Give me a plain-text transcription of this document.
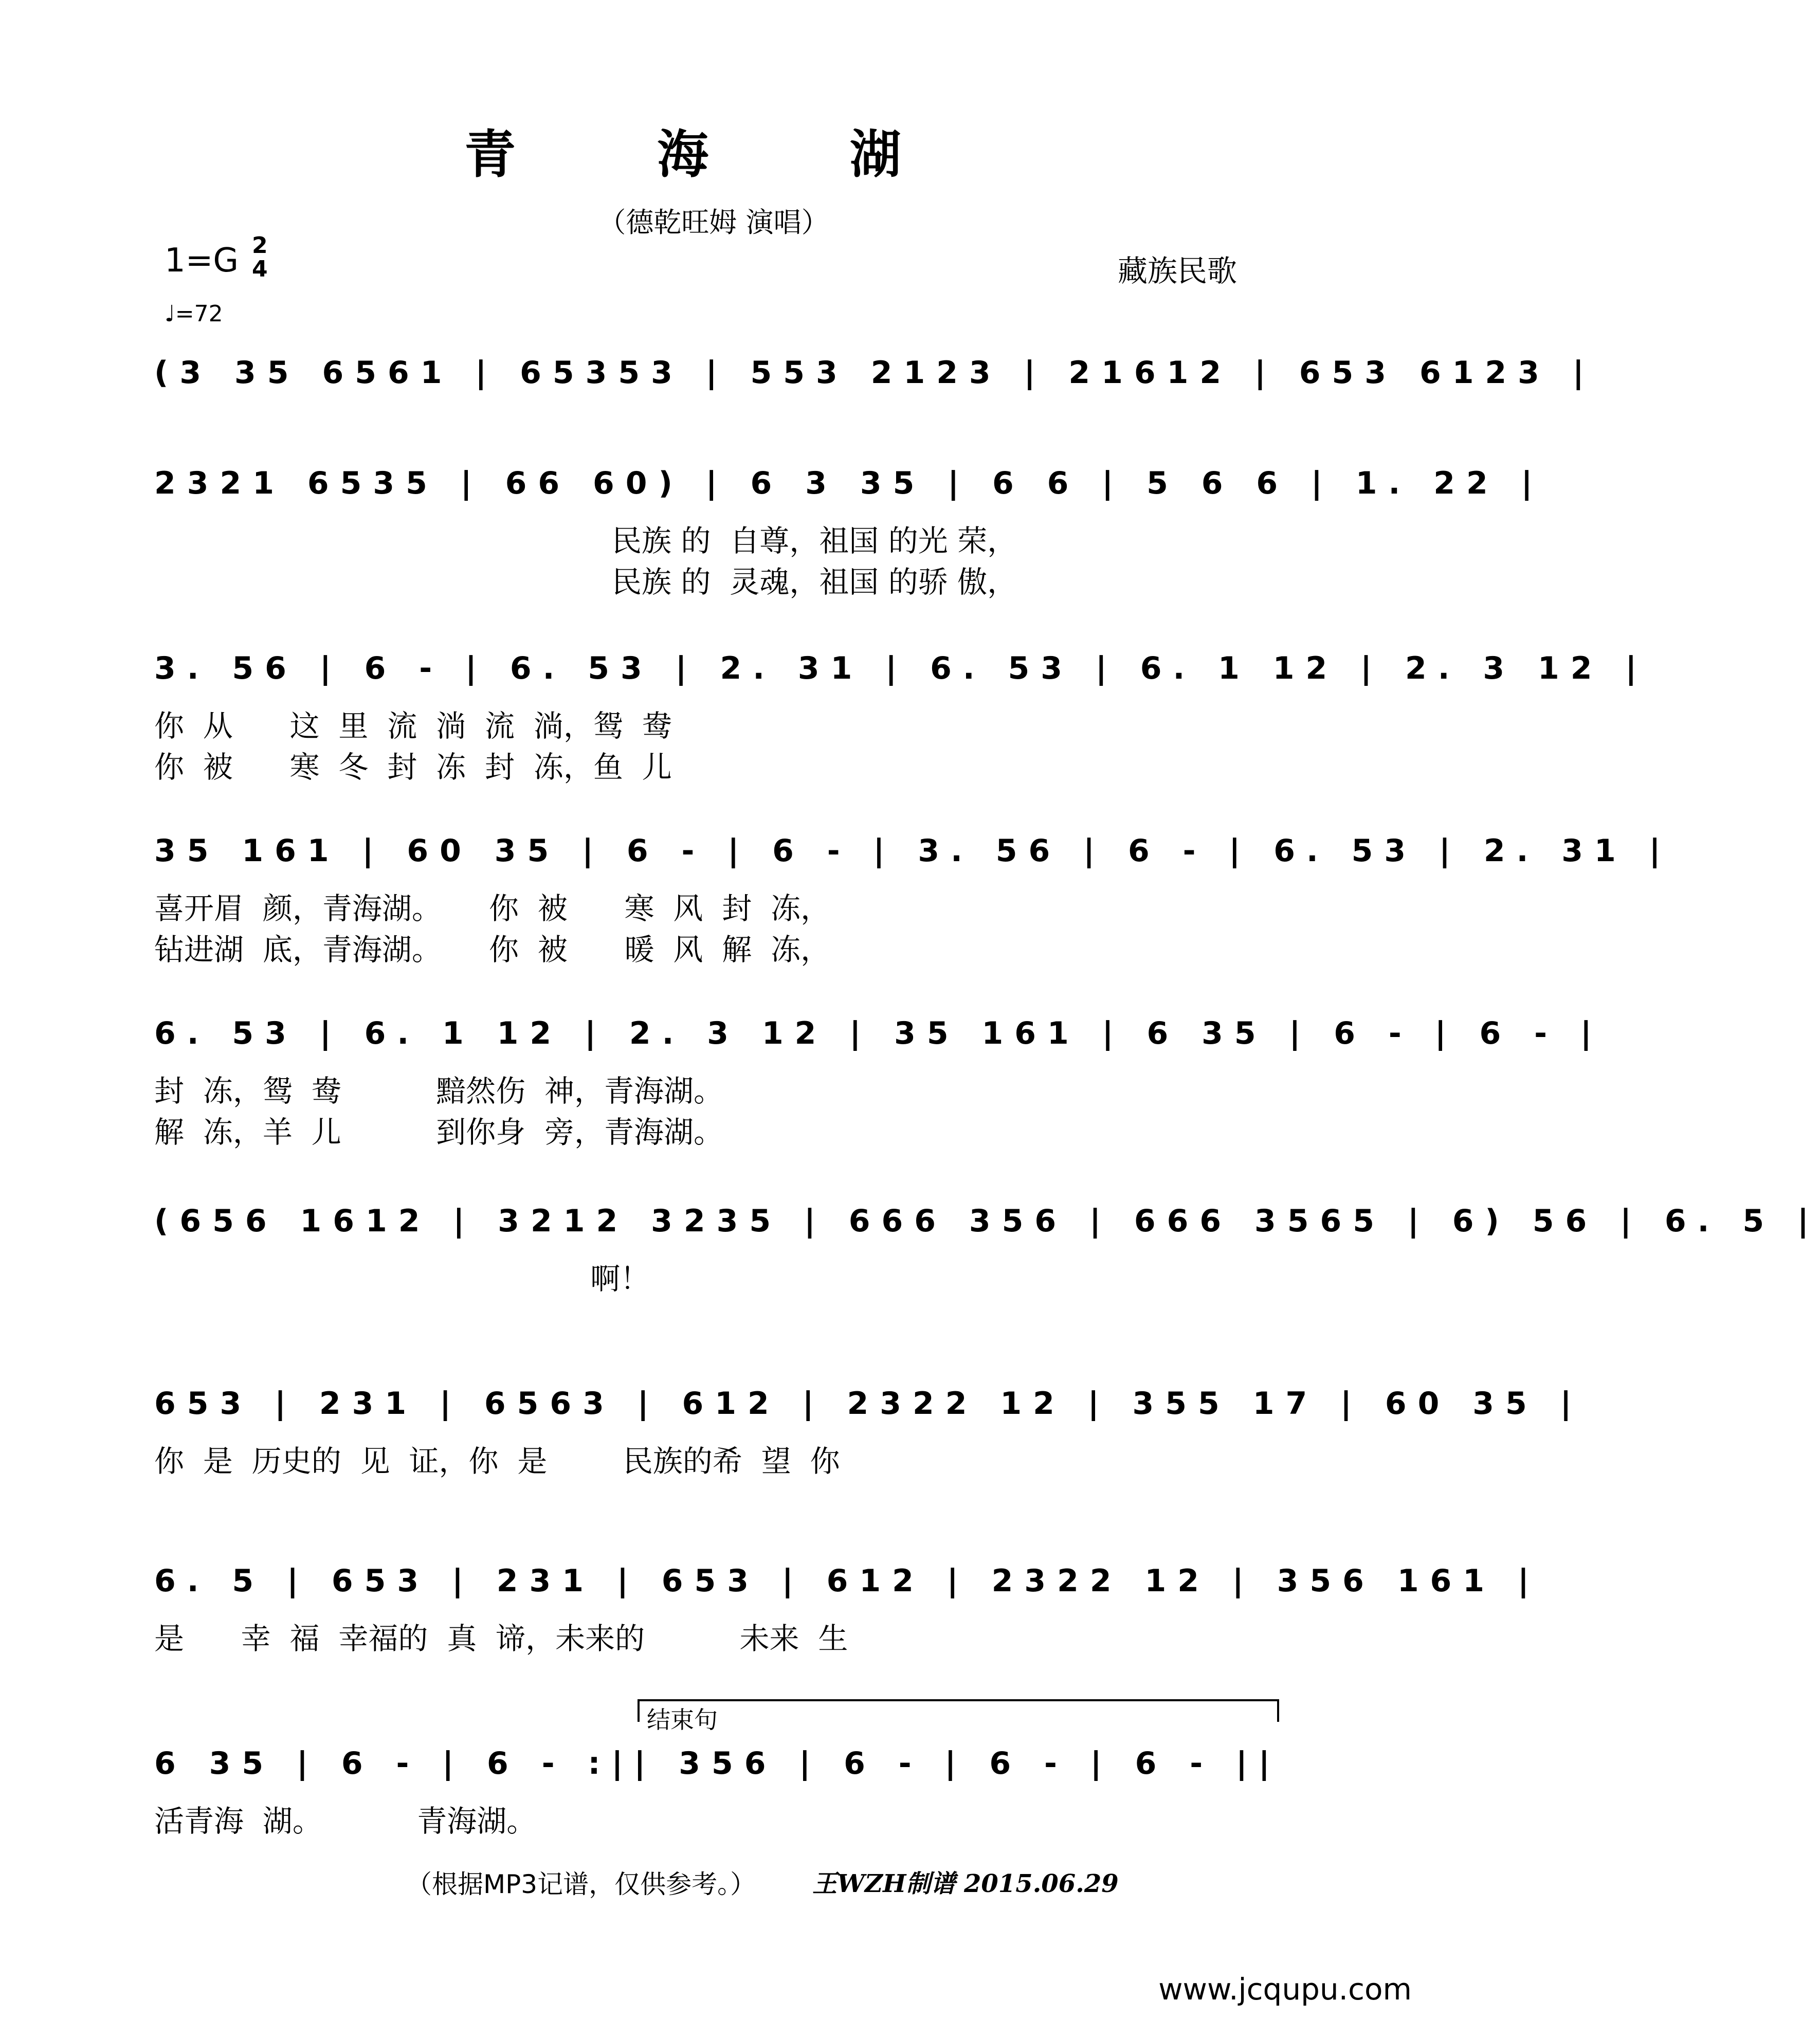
青 海 湖
（德乾旺姆 演唱）
1=G 2
4	藏族民歌
♩=72
(3 35 6561 | 65353 | 553 2123 | 21612 | 653 6123 |
2321 6535 | 66 60) | 6 3 35 | 6 6 | 5 6 6 | 1. 22 |
民族 的  自尊，祖国 的光 荣，
民族 的  灵魂，祖国 的骄 傲，
3. 56 | 6 - | 6. 53 | 2. 31 | 6. 53 | 6. 1 12 | 2. 3 12 |
你  从      这  里  流  淌  流  淌，鸳  鸯
你  被      寒  冬  封  冻  封  冻，鱼  儿
35 161 | 60 35 | 6 - | 6 - | 3. 56 | 6 - | 6. 53 | 2. 31 |
喜开眉  颜，青海湖。     你  被      寒  风  封  冻，
钻进湖  底，青海湖。     你  被      暖  风  解  冻，
6. 53 | 6. 1 12 | 2. 3 12 | 35 161 | 6 35 | 6 - | 6 - |
封  冻，鸳  鸯          黯然伤  神，青海湖。
解  冻，羊  儿          到你身  旁，青海湖。
(656 1612 | 3212 3235 | 666 356 | 666 3565 | 6) 56 | 6. 5 |
啊！
653 | 231 | 6563 | 612 | 2322 12 | 355 17 | 60 35 |
你  是  历史的  见  证，你  是        民族的希  望  你
6. 5 | 653 | 231 | 653 | 612 | 2322 12 | 356 161 |
是      幸  福  幸福的  真  谛，未来的          未来  生
结束句
6 35 | 6 - | 6 - :|| 356 | 6 - | 6 - | 6 - ||
活青海  湖。          青海湖。
（根据MP3记谱，仅供参考。） 王WZH制谱 2015.06.29
www.jcqupu.com
